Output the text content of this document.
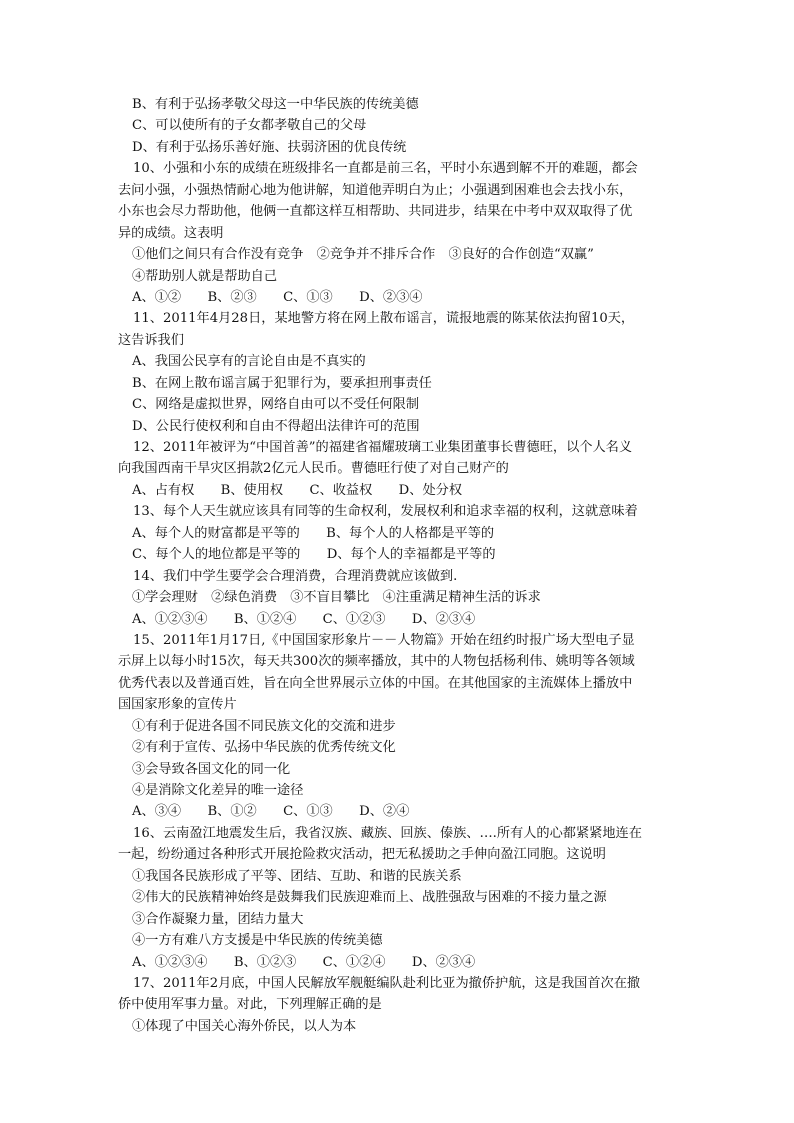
B、有利于弘扬孝敬父母这一中华民族的传统美德
C、可以使所有的子女都孝敬自己的父母
D、有利于弘扬乐善好施、扶弱济困的优良传统
10、小强和小东的成绩在班级排名一直都是前三名，平时小东遇到解不开的难题，都会
去问小强，小强热情耐心地为他讲解，知道他弄明白为止；小强遇到困难也会去找小东，
小东也会尽力帮助他，他俩一直都这样互相帮助、共同进步，结果在中考中双双取得了优
异的成绩。这表明
①他们之间只有合作没有竞争　②竞争并不排斥合作　③良好的合作创造“双赢”
④帮助别人就是帮助自己
A、①②　　B、②③　　C、①③　　D、②③④
11、2011年4月28日，某地警方将在网上散布谣言，谎报地震的陈某依法拘留10天，
这告诉我们
A、我国公民享有的言论自由是不真实的
B、在网上散布谣言属于犯罪行为，要承担刑事责任
C、网络是虚拟世界，网络自由可以不受任何限制
D、公民行使权利和自由不得超出法律许可的范围
12、2011年被评为“中国首善”的福建省福耀玻璃工业集团董事长曹德旺，以个人名义
向我国西南干旱灾区捐款2亿元人民币。曹德旺行使了对自己财产的
A、占有权　　B、使用权　　C、收益权　　D、处分权
13、每个人天生就应该具有同等的生命权利，发展权利和追求幸福的权利，这就意味着
A、每个人的财富都是平等的　　B、每个人的人格都是平等的
C、每个人的地位都是平等的　　D、每个人的幸福都是平等的
14、我们中学生要学会合理消费，合理消费就应该做到.
①学会理财　②绿色消费　③不盲目攀比　④注重满足精神生活的诉求
A、①②③④　　B、①②④　　C、①②③　　D、②③④
15、2011年1月17日,《中国国家形象片－－人物篇》开始在纽约时报广场大型电子显
示屏上以每小时15次，每天共300次的频率播放，其中的人物包括杨利伟、姚明等各领域
优秀代表以及普通百姓，旨在向全世界展示立体的中国。在其他国家的主流媒体上播放中
国国家形象的宣传片
①有利于促进各国不同民族文化的交流和进步
②有利于宣传、弘扬中华民族的优秀传统文化
③会导致各国文化的同一化
④是消除文化差异的唯一途径
A、③④　　B、①②　　C、①③　　D、②④
16、云南盈江地震发生后，我省汉族、藏族、回族、傣族、….所有人的心都紧紧地连在
一起，纷纷通过各种形式开展抢险救灾活动，把无私援助之手伸向盈江同胞。这说明
①我国各民族形成了平等、团结、互助、和谐的民族关系
②伟大的民族精神始终是鼓舞我们民族迎难而上、战胜强敌与困难的不接力量之源
③合作凝聚力量，团结力量大
④一方有难八方支援是中华民族的传统美德
A、①②③④　　B、①②③　　C、①②④　　D、②③④
17、2011年2月底，中国人民解放军舰艇编队赴利比亚为撤侨护航，这是我国首次在撤
侨中使用军事力量。对此，下列理解正确的是
①体现了中国关心海外侨民，以人为本
